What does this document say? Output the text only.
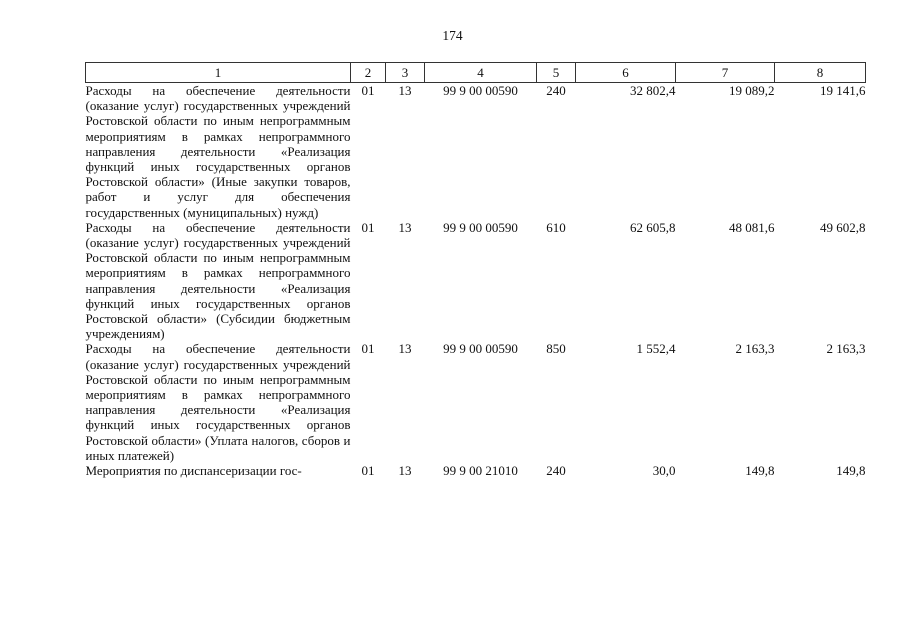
174
1	2	3	4	5	6	7	8

Расходы на обеспечение деятельности (оказание услуг) государственных учреждений Ростовской области по иным непрограммным мероприятиям в рамках непрограммного направления деятельности «Реализация функций иных государственных органов Ростовской области» (Иные закупки товаров, работ и услуг для обеспечения государственных (муниципальных) нужд)	01	13	99 9 00 00590	240	32 802,4	19 089,2	19 141,6

Расходы на обеспечение деятельности (оказание услуг) государственных учреждений Ростовской области по иным непрограммным мероприятиям в рамках непрограммного направления деятельности «Реализация функций иных государственных органов Ростовской области» (Субсидии бюджетным учреждениям)	01	13	99 9 00 00590	610	62 605,8	48 081,6	49 602,8

Расходы на обеспечение деятельности (оказание услуг) государственных учреждений Ростовской области по иным непрограммным мероприятиям в рамках непрограммного направления деятельности «Реализация функций иных государственных органов Ростовской области» (Уплата налогов, сборов и иных платежей)	01	13	99 9 00 00590	850	1 552,4	2 163,3	2 163,3

Мероприятия по диспансеризации гос-	01	13	99 9 00 21010	240	30,0	149,8	149,8
